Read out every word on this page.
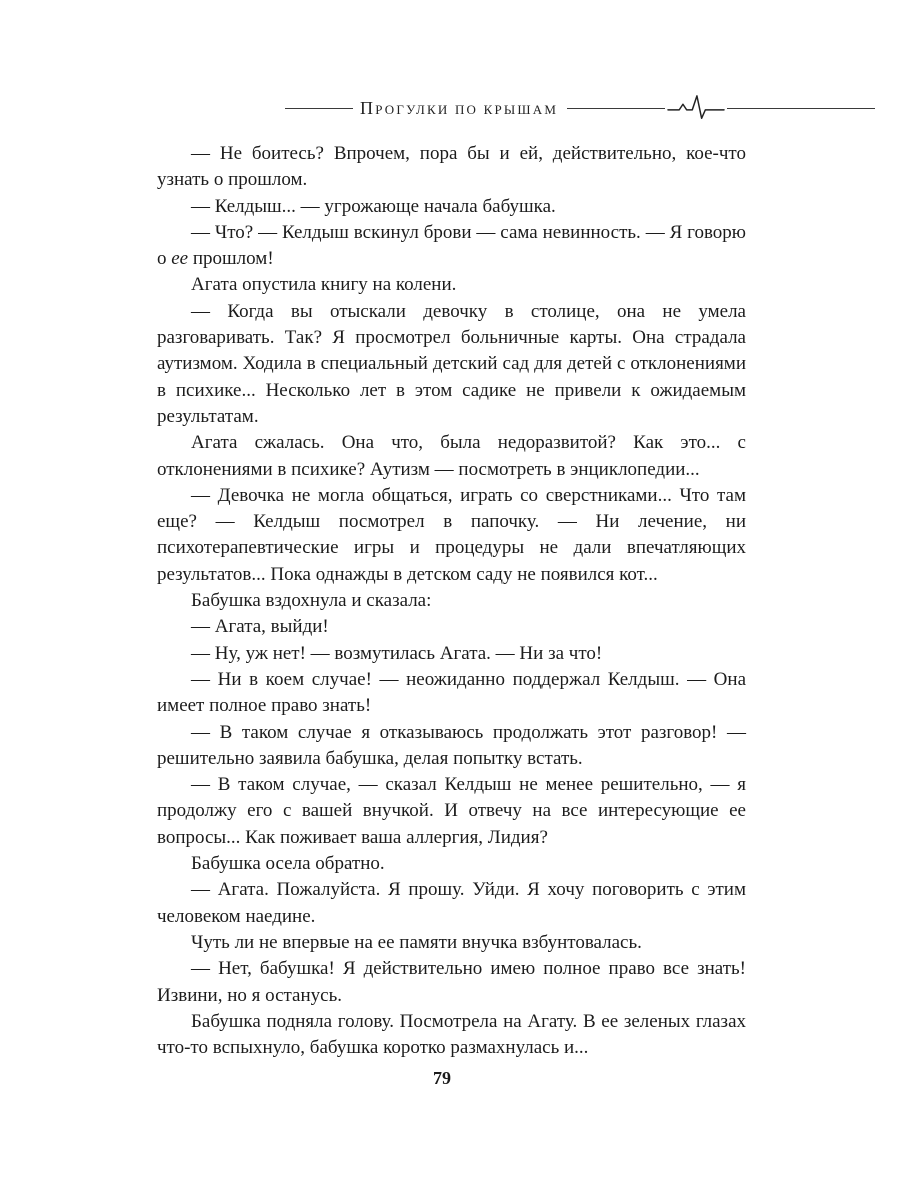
ПРОГУЛКИ ПО КРЫШАМ

— Не боитесь? Впрочем, пора бы и ей, действительно, кое-что узнать о прошлом.

— Келдыш... — угрожающе начала бабушка.

— Что? — Келдыш вскинул брови — сама невинность. — Я говорю о ее прошлом!

Агата опустила книгу на колени.

— Когда вы отыскали девочку в столице, она не умела разговаривать. Так? Я просмотрел больничные карты. Она страдала аутизмом. Ходила в специальный детский сад для детей с отклонениями в психике... Несколько лет в этом садике не привели к ожидаемым результатам.

Агата сжалась. Она что, была недоразвитой? Как это... с отклонениями в психике? Аутизм — посмотреть в энциклопедии...

— Девочка не могла общаться, играть со сверстниками... Что там еще? — Келдыш посмотрел в папочку. — Ни лечение, ни психотерапевтические игры и процедуры не дали впечатляющих результатов... Пока однажды в детском саду не появился кот...

Бабушка вздохнула и сказала:

— Агата, выйди!

— Ну, уж нет! — возмутилась Агата. — Ни за что!

— Ни в коем случае! — неожиданно поддержал Келдыш. — Она имеет полное право знать!

— В таком случае я отказываюсь продолжать этот разговор! — решительно заявила бабушка, делая попытку встать.

— В таком случае, — сказал Келдыш не менее решительно, — я продолжу его с вашей внучкой. И отвечу на все интересующие ее вопросы... Как поживает ваша аллергия, Лидия?

Бабушка осела обратно.

— Агата. Пожалуйста. Я прошу. Уйди. Я хочу поговорить с этим человеком наедине.

Чуть ли не впервые на ее памяти внучка взбунтовалась.

— Нет, бабушка! Я действительно имею полное право все знать! Извини, но я останусь.

Бабушка подняла голову. Посмотрела на Агату. В ее зеленых глазах что-то вспыхнуло, бабушка коротко размахнулась и...

79
